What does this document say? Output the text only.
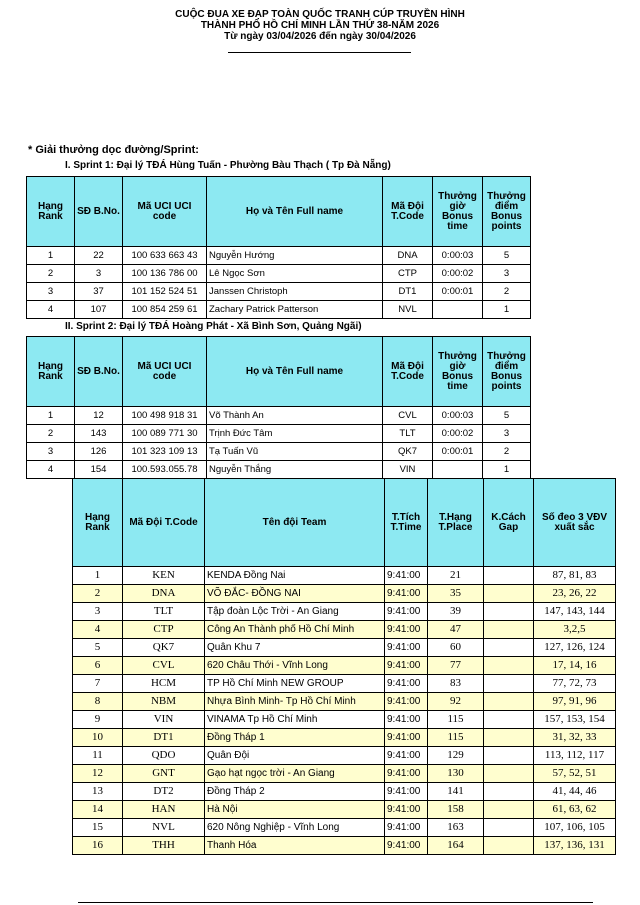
CUỘC ĐUA XE ĐẠP TOÀN QUỐC TRANH CÚP TRUYỀN HÌNH
THÀNH PHỐ HỒ CHÍ MINH LẦN THỨ 38-NĂM 2026
Từ ngày 03/04/2026 đến ngày 30/04/2026
* Giải thưởng dọc đường/Sprint:
I. Sprint 1: Đại lý TĐÁ Hùng Tuấn - Phường Bàu Thạch ( Tp Đà Nẵng)
Hạng Rank	SĐ B.No.	Mã UCI UCI code	Họ và Tên Full name	Mã Đội T.Code	Thưởng giờ Bonus time	Thưởng điểm Bonus points
1	22	100 633 663 43	Nguyễn Hướng	DNA	0:00:03	5
2	3	100 136 786 00	Lê Ngọc Sơn	CTP	0:00:02	3
3	37	101 152 524 51	Janssen Christoph	DT1	0:00:01	2
4	107	100 854 259 61	Zachary Patrick Patterson	NVL		1
II. Sprint 2: Đại lý TĐÁ Hoàng Phát - Xã Bình Sơn, Quảng Ngãi)
Hạng Rank	SĐ B.No.	Mã UCI UCI code	Họ và Tên Full name	Mã Đội T.Code	Thưởng giờ Bonus time	Thưởng điểm Bonus points
1	12	100 498 918 31	Võ Thành An	CVL	0:00:03	5
2	143	100 089 771 30	Trịnh Đức Tâm	TLT	0:00:02	3
3	126	101 323 109 13	Tạ Tuấn Vũ	QK7	0:00:01	2
4	154	100.593.055.78	Nguyễn Thắng	VIN		1
Hạng Rank	Mã Đội T.Code	Tên đội Team	T.Tích T.Time	T.Hạng T.Place	K.Cách Gap	Số đeo 3 VĐV xuất sắc
1	KEN	KENDA Đồng Nai	9:41:00	21		87, 81, 83
2	DNA	VÕ ĐẮC- ĐỒNG NAI	9:41:00	35		23, 26, 22
3	TLT	Tập đoàn Lộc Trời - An Giang	9:41:00	39		147, 143, 144
4	CTP	Công An Thành phố Hồ Chí Minh	9:41:00	47		3,2,5
5	QK7	Quân Khu 7	9:41:00	60		127, 126, 124
6	CVL	620 Châu Thới - Vĩnh Long	9:41:00	77		17, 14, 16
7	HCM	TP Hồ Chí Minh NEW GROUP	9:41:00	83		77, 72, 73
8	NBM	Nhựa Bình Minh- Tp Hồ Chí Minh	9:41:00	92		97, 91, 96
9	VIN	VINAMA Tp Hồ Chí Minh	9:41:00	115		157, 153, 154
10	DT1	Đồng Tháp 1	9:41:00	115		31, 32, 33
11	QDO	Quân Đội	9:41:00	129		113, 112, 117
12	GNT	Gạo hạt ngọc trời - An Giang	9:41:00	130		57, 52, 51
13	DT2	Đồng Tháp 2	9:41:00	141		41, 44, 46
14	HAN	Hà Nội	9:41:00	158		61, 63, 62
15	NVL	620 Nông Nghiệp - Vĩnh Long	9:41:00	163		107, 106, 105
16	THH	Thanh Hóa	9:41:00	164		137, 136, 131
